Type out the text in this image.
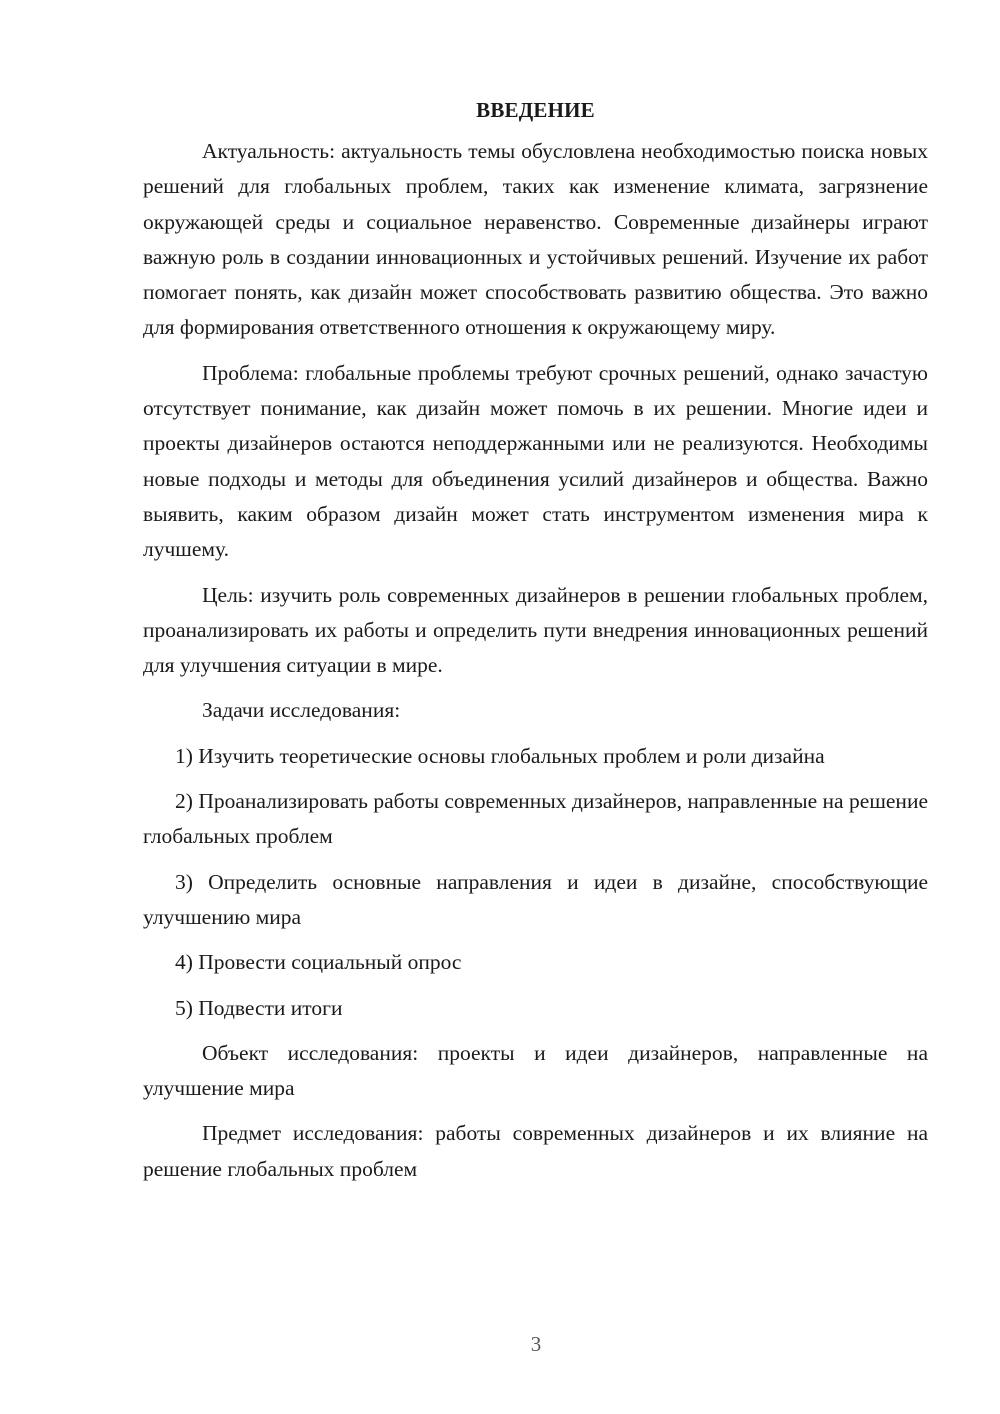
ВВЕДЕНИЕ

Актуальность: актуальность темы обусловлена необходимостью поиска новых решений для глобальных проблем, таких как изменение климата, загрязнение окружающей среды и социальное неравенство. Современные дизайнеры играют важную роль в создании инновационных и устойчивых решений. Изучение их работ помогает понять, как дизайн может способствовать развитию общества. Это важно для формирования ответственного отношения к окружающему миру.

Проблема: глобальные проблемы требуют срочных решений, однако зачастую отсутствует понимание, как дизайн может помочь в их решении. Многие идеи и проекты дизайнеров остаются неподдержанными или не реализуются. Необходимы новые подходы и методы для объединения усилий дизайнеров и общества. Важно выявить, каким образом дизайн может стать инструментом изменения мира к лучшему.

Цель: изучить роль современных дизайнеров в решении глобальных проблем, проанализировать их работы и определить пути внедрения инновационных решений для улучшения ситуации в мире.

Задачи исследования:

1) Изучить теоретические основы глобальных проблем и роли дизайна

2) Проанализировать работы современных дизайнеров, направленные на решение глобальных проблем

3) Определить основные направления и идеи в дизайне, способствующие улучшению мира

4) Провести социальный опрос

5) Подвести итоги

Объект исследования: проекты и идеи дизайнеров, направленные на улучшение мира

Предмет исследования: работы современных дизайнеров и их влияние на решение глобальных проблем

3
